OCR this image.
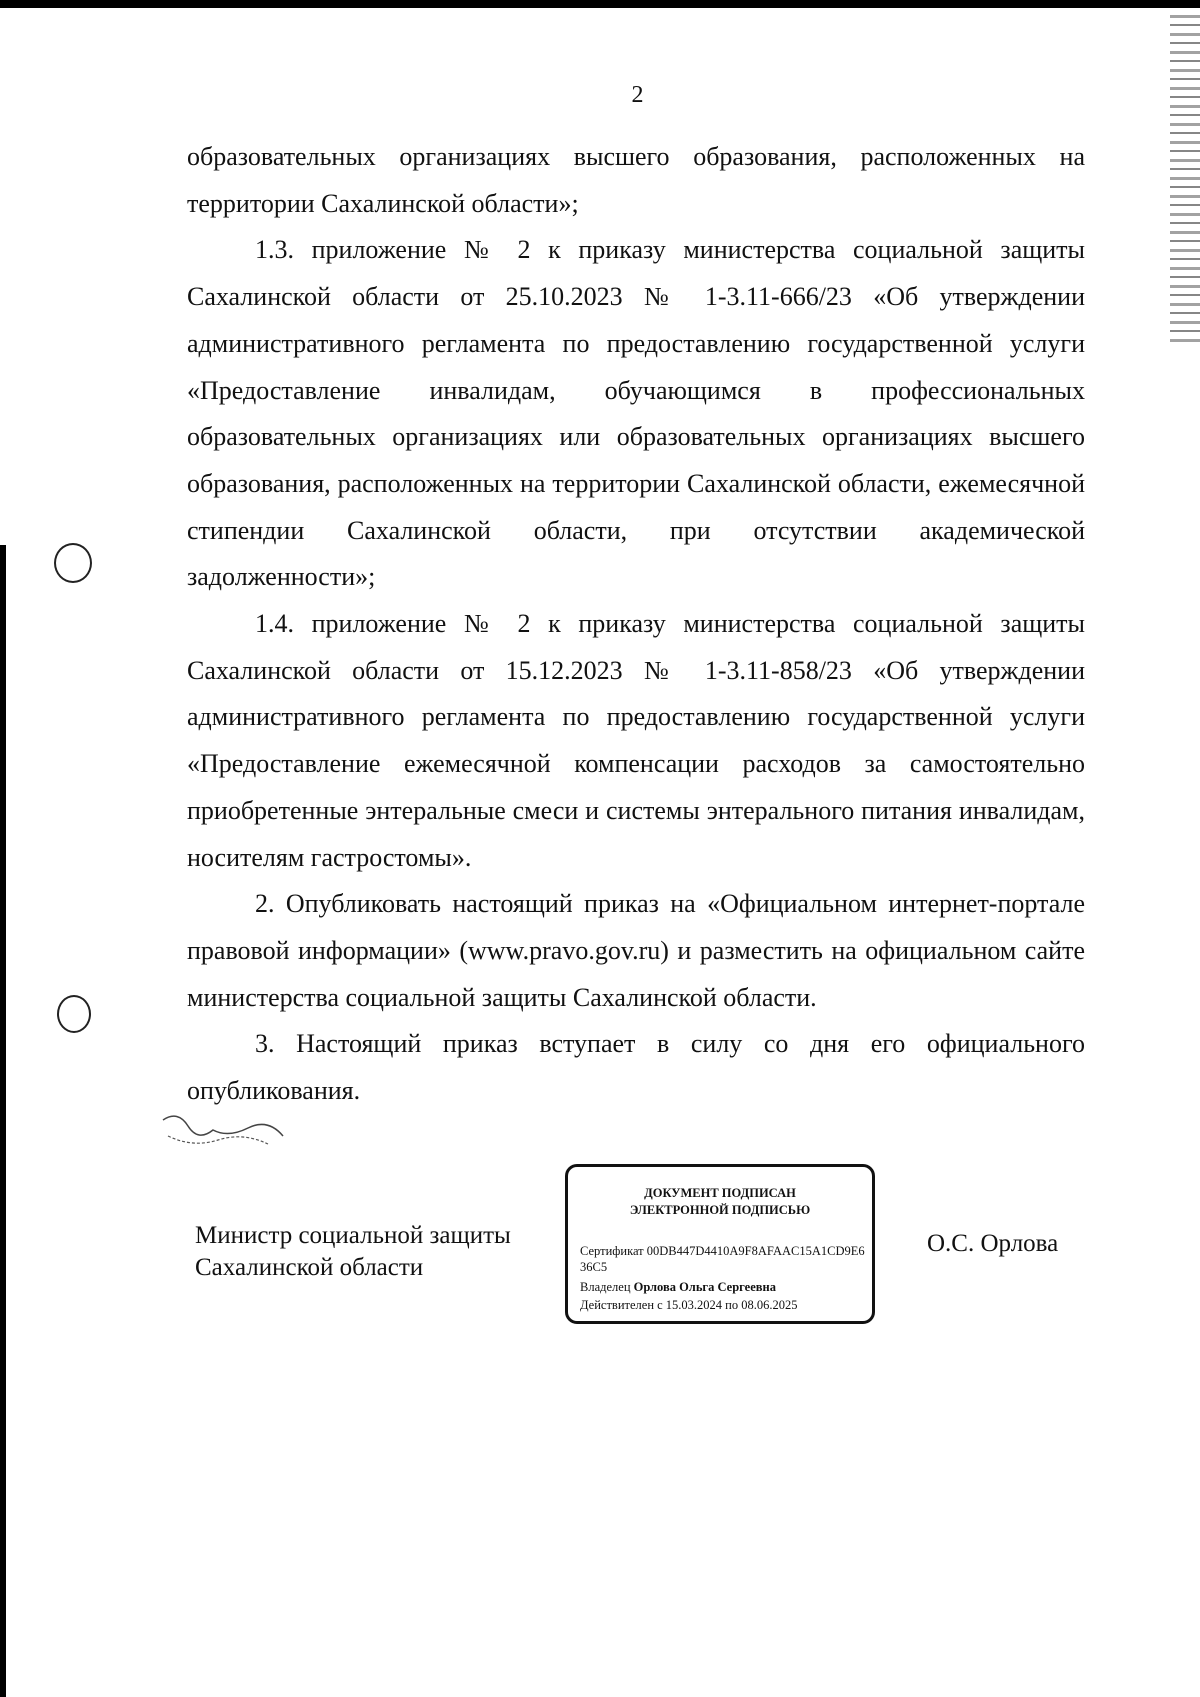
2

образовательных организациях высшего образования, расположенных на территории Сахалинской области»;

1.3. приложение № 2 к приказу министерства социальной защиты Сахалинской области от 25.10.2023 № 1-3.11-666/23 «Об утверждении административного регламента по предоставлению государственной услуги «Предоставление инвалидам, обучающимся в профессиональных образовательных организациях или образовательных организациях высшего образования, расположенных на территории Сахалинской области, ежемесячной стипендии Сахалинской области, при отсутствии академической задолженности»;

1.4. приложение № 2 к приказу министерства социальной защиты Сахалинской области от 15.12.2023 № 1-3.11-858/23 «Об утверждении административного регламента по предоставлению государственной услуги «Предоставление ежемесячной компенсации расходов за самостоятельно приобретенные энтеральные смеси и системы энтерального питания инвалидам, носителям гастростомы».

2. Опубликовать настоящий приказ на «Официальном интернет-портале правовой информации» (www.pravo.gov.ru) и разместить на официальном сайте министерства социальной защиты Сахалинской области.

3. Настоящий приказ вступает в силу со дня его официального опубликования.

Министр социальной защиты
Сахалинской области
ДОКУМЕНТ ПОДПИСАН
ЭЛЕКТРОННОЙ ПОДПИСЬЮ
Сертификат 00DB447D4410A9F8AFAAC15A1CD9E636C5
Владелец Орлова Ольга Сергеевна
Действителен с 15.03.2024 по 08.06.2025
О.С. Орлова
